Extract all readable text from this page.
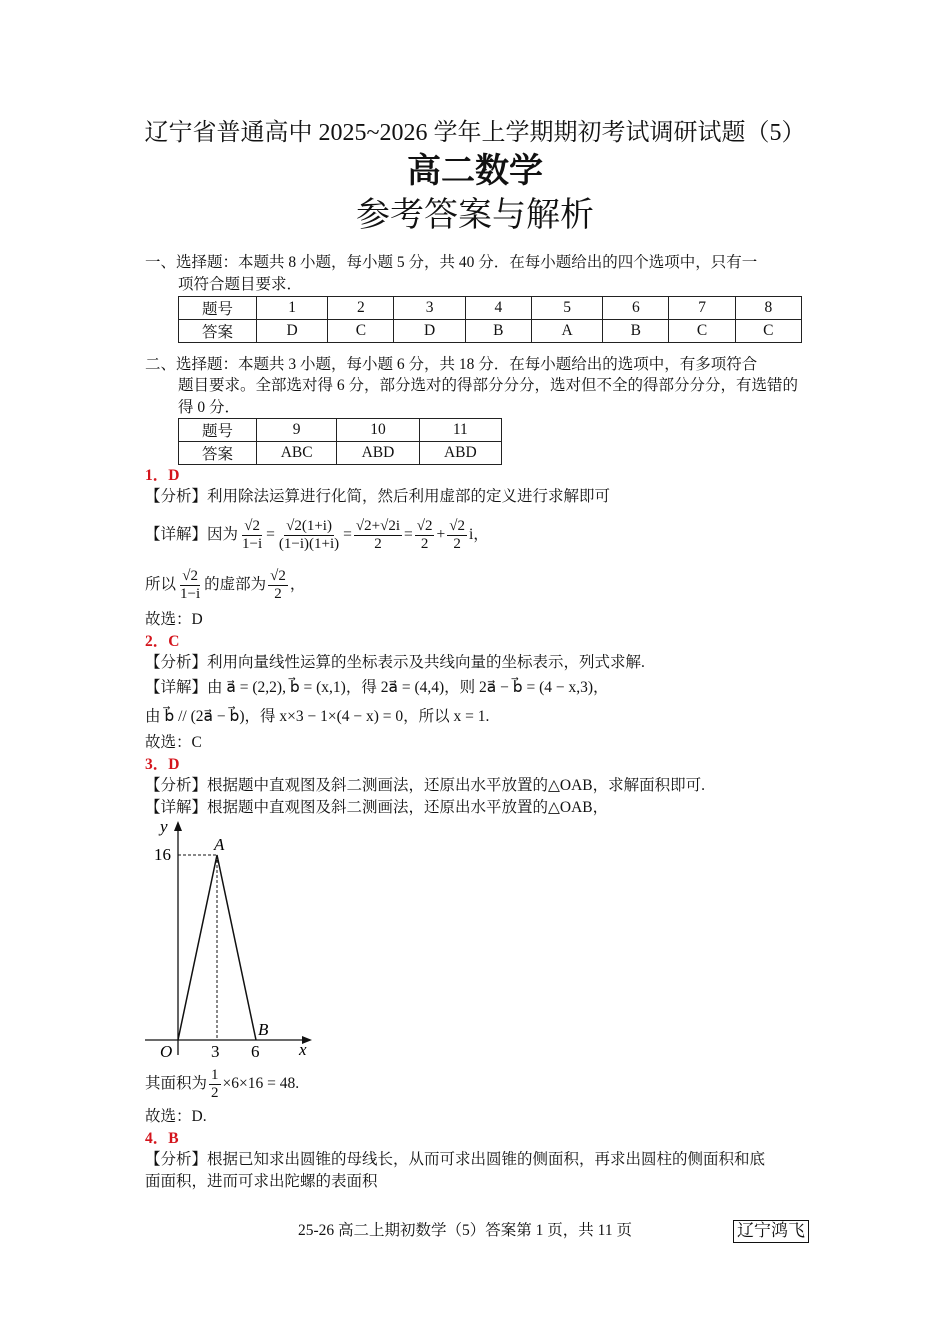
辽宁省普通高中 2025~2026 学年上学期期初考试调研试题（5）
高二数学
参考答案与解析
一、选择题：本题共 8 小题，每小题 5 分，共 40 分．在每小题给出的四个选项中，只有一
项符合题目要求．
题号	1	2	3	4	5	6	7	8
答案	D	C	D	B	A	B	C	C
二、选择题：本题共 3 小题，每小题 6 分，共 18 分．在每小题给出的选项中，有多项符合
题目要求。全部选对得 6 分，部分选对的得部分分分，选对但不全的得部分分分，有选错的
得 0 分．
题号	9	10	11
答案	ABC	ABD	ABD
1．D
【分析】利用除法运算进行化简，然后利用虚部的定义进行求解即可
【详解】因为 $\frac{√2}{1-i} = \frac{√2(1+i)}{(1-i)(1+i)} = \frac{√2+√2i}{2} = \frac{√2}{2} + \frac{√2}{2}$ i，
所以 $\frac{√2}{1-i}$ 的虚部为 $\frac{√2}{2}$ ，
故选：D
2．C
【分析】利用向量线性运算的坐标表示及共线向量的坐标表示，列式求解.
【详解】由 a⃗ = (2,2), b⃗ = (x,1)，得 2a⃗ = (4,4)，则 2a⃗ − b⃗ = (4 − x,3)，
由 b⃗ // (2a⃗ − b⃗)，得 x×3 − 1×(4 − x) = 0，所以 x = 1.
故选：C
3．D
【分析】根据题中直观图及斜二测画法，还原出水平放置的△OAB，求解面积即可.
【详解】根据题中直观图及斜二测画法，还原出水平放置的△OAB，
y
16
A
B
O 3 6 x
其面积为 $\frac{1}{2} \times 6\times 16 = 48$.
故选：D.
4．B
【分析】根据已知求出圆锥的母线长，从而可求出圆锥的侧面积，再求出圆柱的侧面积和底
面面积，进而可求出陀螺的表面积
25-26 高二上期初数学（5）答案第 1 页，共 11 页	辽宁鸿飞
